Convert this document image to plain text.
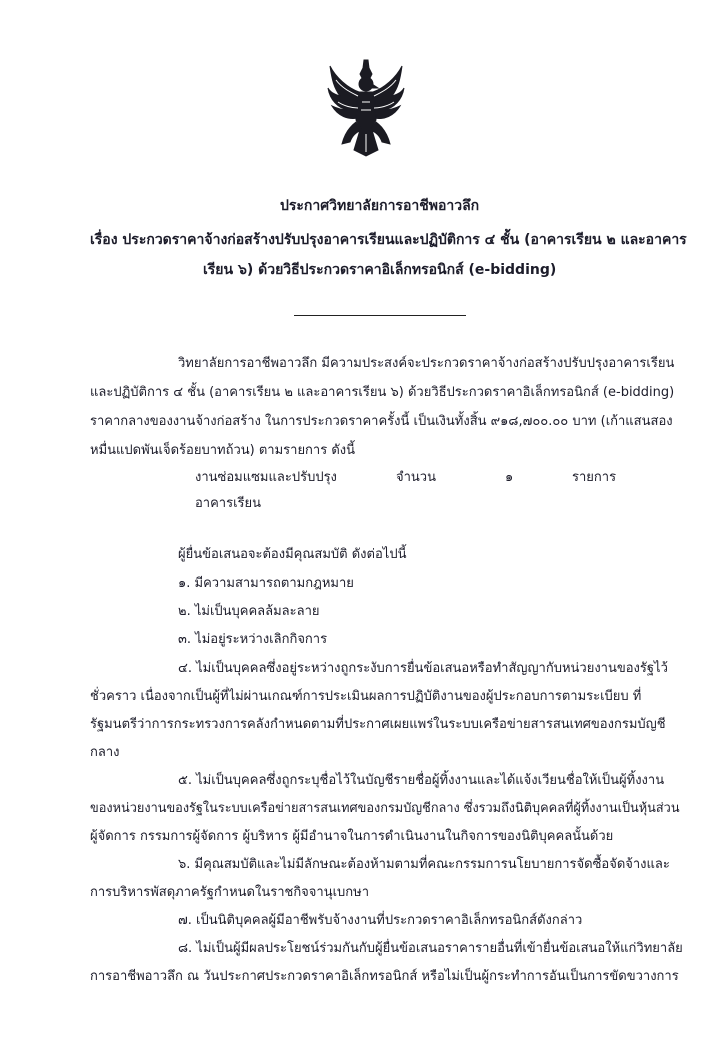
ประกาศวิทยาลัยการอาชีพอาวลึก
เรื่อง ประกวดราคาจ้างก่อสร้างปรับปรุงอาคารเรียนและปฏิบัติการ ๔ ชั้น (อาคารเรียน ๒ และอาคาร
เรียน ๖) ด้วยวิธีประกวดราคาอิเล็กทรอนิกส์ (e-bidding)
วิทยาลัยการอาชีพอาวลึก มีความประสงค์จะประกวดราคาจ้างก่อสร้างปรับปรุงอาคารเรียน
และปฏิบัติการ ๔ ชั้น (อาคารเรียน ๒ และอาคารเรียน ๖) ด้วยวิธีประกวดราคาอิเล็กทรอนิกส์ (e-bidding)
ราคากลางของงานจ้างก่อสร้าง ในการประกวดราคาครั้งนี้ เป็นเงินทั้งสิ้น ๙๑๘,๗๐๐.๐๐ บาท (เก้าแสนสอง
หมื่นแปดพันเจ็ดร้อยบาทถ้วน) ตามรายการ ดังนี้
งานซ่อมแซมและปรับปรุง	จำนวน	๑	รายการ
อาคารเรียน
ผู้ยื่นข้อเสนอจะต้องมีคุณสมบัติ ดังต่อไปนี้
๑. มีความสามารถตามกฎหมาย
๒. ไม่เป็นบุคคลล้มละลาย
๓. ไม่อยู่ระหว่างเลิกกิจการ
๔. ไม่เป็นบุคคลซึ่งอยู่ระหว่างถูกระงับการยื่นข้อเสนอหรือทำสัญญากับหน่วยงานของรัฐไว้
ชั่วคราว เนื่องจากเป็นผู้ที่ไม่ผ่านเกณฑ์การประเมินผลการปฏิบัติงานของผู้ประกอบการตามระเบียบ ที่
รัฐมนตรีว่าการกระทรวงการคลังกำหนดตามที่ประกาศเผยแพร่ในระบบเครือข่ายสารสนเทศของกรมบัญชี
กลาง
๕. ไม่เป็นบุคคลซึ่งถูกระบุชื่อไว้ในบัญชีรายชื่อผู้ทิ้งงานและได้แจ้งเวียนชื่อให้เป็นผู้ทิ้งงาน
ของหน่วยงานของรัฐในระบบเครือข่ายสารสนเทศของกรมบัญชีกลาง ซึ่งรวมถึงนิติบุคคลที่ผู้ทิ้งงานเป็นหุ้นส่วน
ผู้จัดการ กรรมการผู้จัดการ ผู้บริหาร ผู้มีอำนาจในการดำเนินงานในกิจการของนิติบุคคลนั้นด้วย
๖. มีคุณสมบัติและไม่มีลักษณะต้องห้ามตามที่คณะกรรมการนโยบายการจัดซื้อจัดจ้างและ
การบริหารพัสดุภาครัฐกำหนดในราชกิจจานุเบกษา
๗. เป็นนิติบุคคลผู้มีอาชีพรับจ้างงานที่ประกวดราคาอิเล็กทรอนิกส์ดังกล่าว
๘. ไม่เป็นผู้มีผลประโยชน์ร่วมกันกับผู้ยื่นข้อเสนอราคารายอื่นที่เข้ายื่นข้อเสนอให้แก่วิทยาลัย
การอาชีพอาวลึก ณ วันประกาศประกวดราคาอิเล็กทรอนิกส์ หรือไม่เป็นผู้กระทำการอันเป็นการขัดขวางการ
